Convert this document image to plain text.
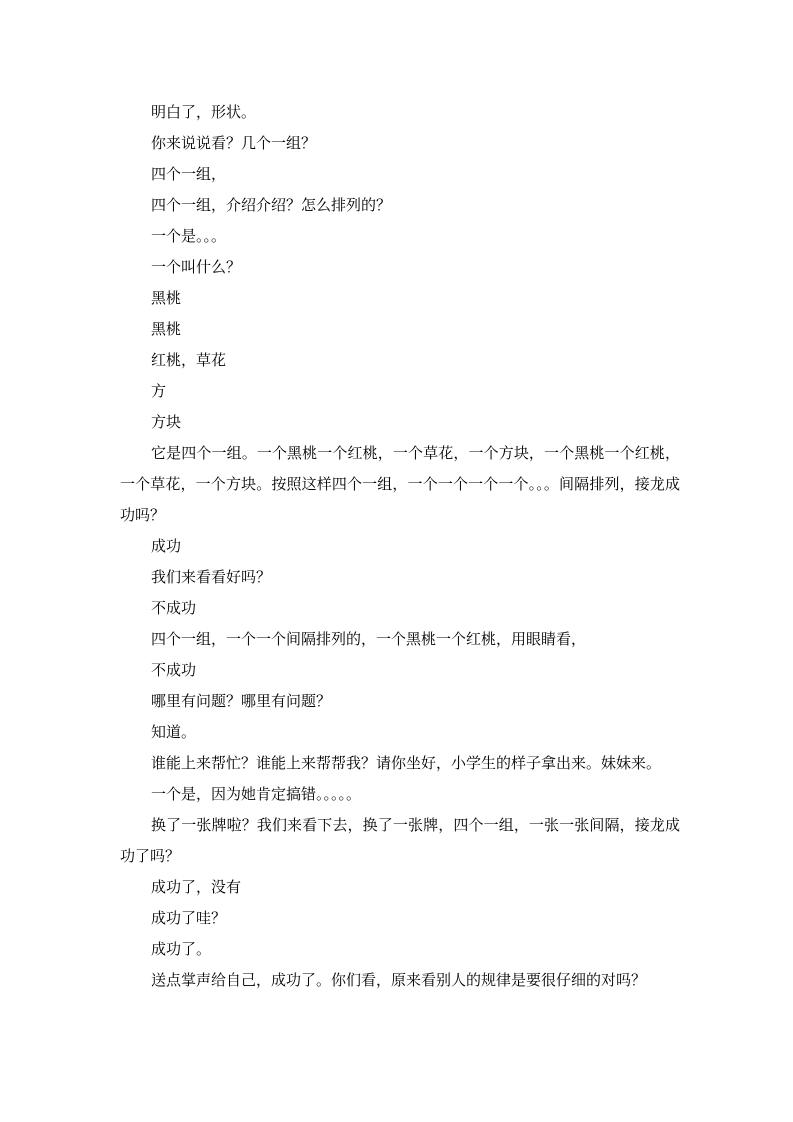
明白了，形状。

你来说说看？几个一组？

四个一组，

四个一组，介绍介绍？怎么排列的？

一个是。。。

一个叫什么？

黑桃

黑桃

红桃，草花

方

方块

它是四个一组。一个黑桃一个红桃，一个草花，一个方块，一个黑桃一个红桃，一个草花，一个方块。按照这样四个一组，一个一个一个一个。。。间隔排列，接龙成功吗？

成功

我们来看看好吗？

不成功

四个一组，一个一个间隔排列的，一个黑桃一个红桃，用眼睛看，

不成功

哪里有问题？哪里有问题？

知道。

谁能上来帮忙？谁能上来帮帮我？请你坐好，小学生的样子拿出来。妹妹来。

一个是，因为她肯定搞错。。。。。

换了一张牌啦？我们来看下去，换了一张牌，四个一组，一张一张间隔，接龙成功了吗？

成功了，没有

成功了哇？

成功了。

送点掌声给自己，成功了。你们看，原来看别人的规律是要很仔细的对吗？
